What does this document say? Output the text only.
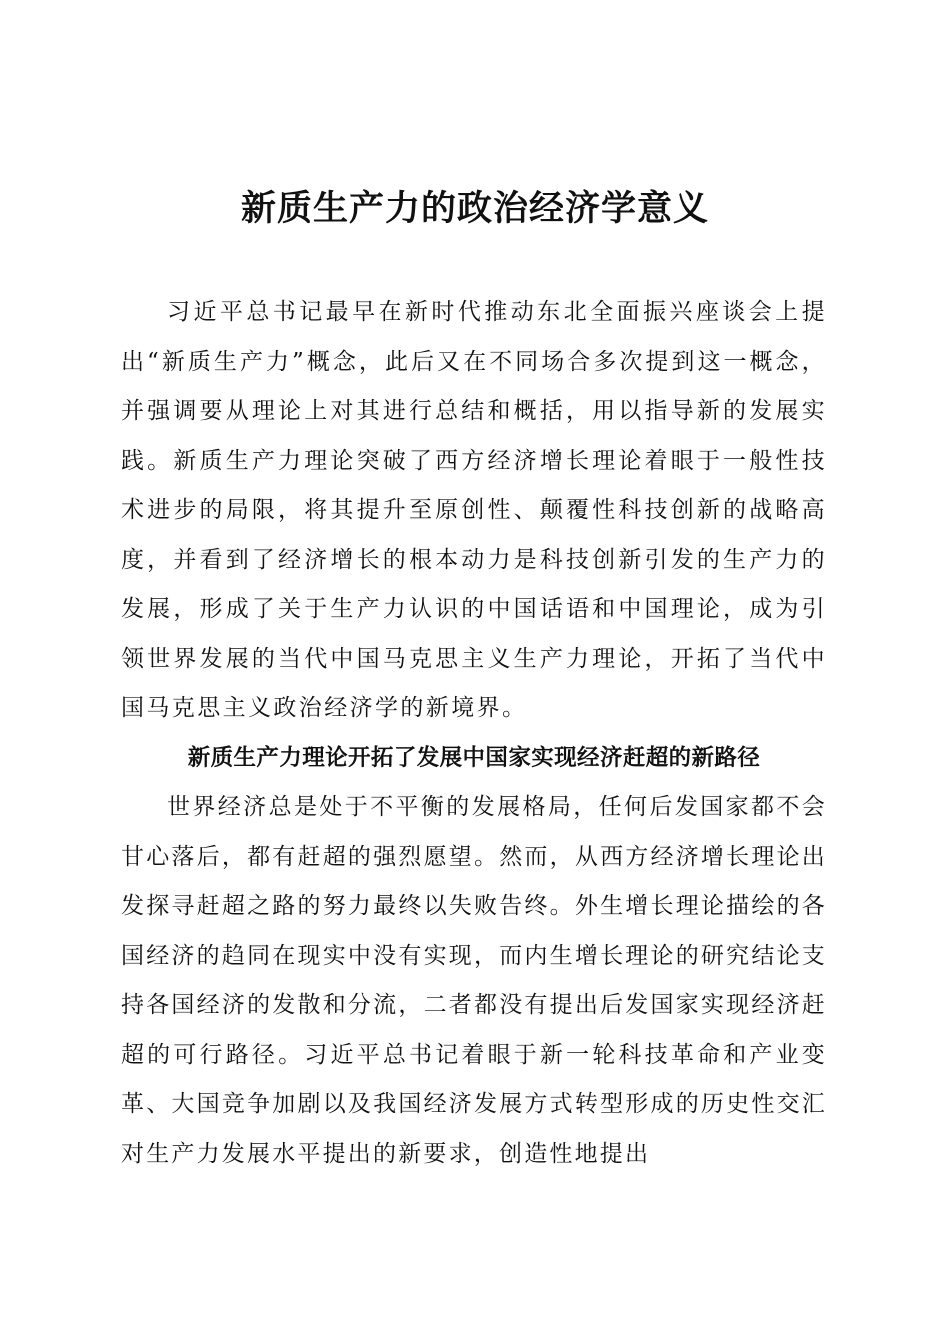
新质生产力的政治经济学意义

习近平总书记最早在新时代推动东北全面振兴座谈会上提出“新质生产力”概念，此后又在不同场合多次提到这一概念，并强调要从理论上对其进行总结和概括，用以指导新的发展实践。新质生产力理论突破了西方经济增长理论着眼于一般性技术进步的局限，将其提升至原创性、颠覆性科技创新的战略高度，并看到了经济增长的根本动力是科技创新引发的生产力的发展，形成了关于生产力认识的中国话语和中国理论，成为引领世界发展的当代中国马克思主义生产力理论，开拓了当代中国马克思主义政治经济学的新境界。

新质生产力理论开拓了发展中国家实现经济赶超的新路径

世界经济总是处于不平衡的发展格局，任何后发国家都不会甘心落后，都有赶超的强烈愿望。然而，从西方经济增长理论出发探寻赶超之路的努力最终以失败告终。外生增长理论描绘的各国经济的趋同在现实中没有实现，而内生增长理论的研究结论支持各国经济的发散和分流，二者都没有提出后发国家实现经济赶超的可行路径。习近平总书记着眼于新一轮科技革命和产业变革、大国竞争加剧以及我国经济发展方式转型形成的历史性交汇对生产力发展水平提出的新要求，创造性地提出
